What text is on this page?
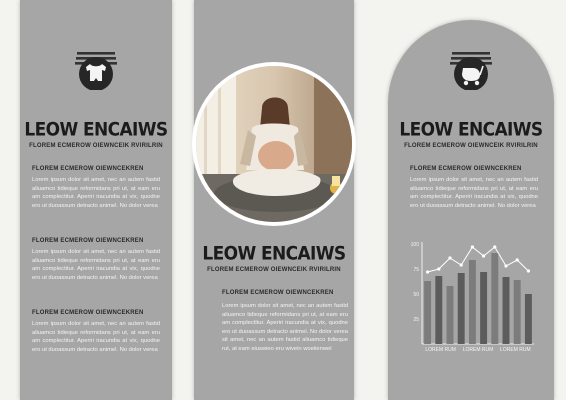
LEOW ENCAIWS
FLOREM ECMEROW OIEWNCEIK RVIRILRIN
FLOREM ECMEROW OIEWNCEKREN

Lorem ipsum dolor sit amet, nec an autem fastid aliuamco tidieque reformidans pri ut, at eam eru am complectitur. Aperiri iracundia at vix, quodne ero ut duoassum detracto animel. No dolor verea

FLOREM ECMEROW OIEWNCEKREN

Lorem ipsum dolor sit amet, nec an autem fastid aliuamco tidieque reformidans pri ut, at eam eru am complectitur. Aperiri iracundia at vix, quodne ero ut duoassum detracto animel. No dolor verea

FLOREM ECMEROW OIEWNCEKREN

Lorem ipsum dolor sit amet, nec an autem fastid aliuamco tidieque reformidans pri ut, at eam eru am complectitur. Aperiri iracundia at vix, quodne ero ut duoassum detracto animel. No dolor verea

LEOW ENCAIWS
FLOREM ECMEROW OIEWNCEIK RVIRILRIN
FLOREM ECMEROW OIEWNCEKREN

Lorem ipsum dolor sit amet, nec an autem fastid aliuamco tidieque reformidans pri ut, at eam eru am complectitur. Aperiri iracundia at vix, quodne ero ut duoassum detracto animel. No dolor verea sit amet, nec an autem fastid aliuamco tidieque rut, at eam eiuswieo eru wivein woeiienwel

LEOW ENCAIWS
FLOREM ECMEROW OIEWNCEIK RVIRILRIN
FLOREM ECMEROW OIEWNCEKREN

Lorem ipsum dolor sit amet, nec an autem fastid aliuamco tidieque reformidans pri ut, at eam eru am complectitur. Aperiri iracundia at vix, quodne ero ut duoassum detracto animel. No dolor verea

25
50
75
100
LOREM RUM LOREM RUM LOREM RUM
